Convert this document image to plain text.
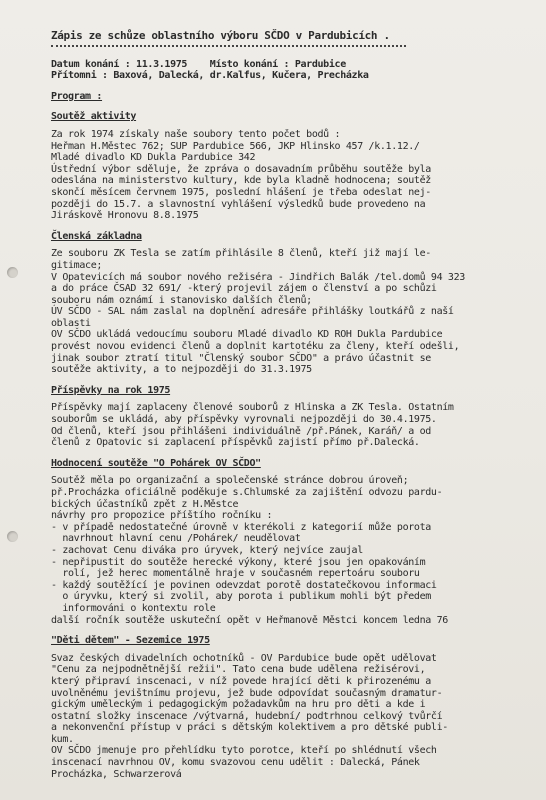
Zápis ze schůze oblastního výboru SČDO v Pardubicích .
Datum konání : 11.3.1975    Místo konání : Pardubice
Přítomni : Baxová, Dalecká, dr.Kalfus, Kučera, Precházka
Program :
Soutěž aktivity
Za rok 1974 získaly naše soubory tento počet bodů :
Heřman H.Městec 762; SUP Pardubice 566, JKP Hlinsko 457 /k.1.12./
Mladé divadlo KD Dukla Pardubice 342
Ústřední výbor sděluje, že zpráva o dosavadním průběhu soutěže byla
odeslána na ministerstvo kultury, kde byla kladně hodnocena; soutěž
skončí měsícem červnem 1975, poslední hlášení je třeba odeslat nej-
později do 15.7. a slavnostní vyhlášení výsledků bude provedeno na
Jiráskově Hronovu 8.8.1975
Členská základna
Ze souboru ZK Tesla se zatím přihlásile 8 členů, kteří již mají le-
gitimace;
V Opatevicích má soubor nového režiséra - Jindřich Balák /tel.domů 94 323
a do práce ČSAD 32 691/ -který projevil zájem o členství a po schůzi
souboru nám oznámí i stanovisko dalších členů;
ÚV SČDO - SAL nám zaslal na doplnění adresáře přihlášky loutkářů z naší
oblasti
OV SČDO ukládá vedoucímu souboru Mladé divadlo KD ROH Dukla Pardubice
provést novou evidenci členů a doplnit kartotéku za členy, kteří odešli,
jinak soubor ztratí titul "Členský soubor SČDO" a právo účastnit se
soutěže aktivity, a to nejpozději do 31.3.1975
Příspěvky na rok 1975
Příspěvky mají zaplaceny členové souborů z Hlinska a ZK Tesla. Ostatním
souborům se ukládá, aby příspěvky vyrovnali nejpozději do 30.4.1975.
Od členů, kteří jsou přihlášeni individuálně /př.Pánek, Karáň/ a od
členů z Opatovic si zaplacení příspěvků zajistí přímo př.Dalecká.
Hodnocení soutěže "O Pohárek OV SČDO"
Soutěž měla po organizační a společenské stránce dobrou úroveň;
př.Procházka oficiálně poděkuje s.Chlumské za zajištění odvozu pardu-
bických účastníků zpět z H.Městce
návrhy pro propozice příštího ročníku :
- v případě nedostatečné úrovně v kterékoli z kategorií může porota
navrhnout hlavní cenu /Pohárek/ neudělovat
- zachovat Cenu diváka pro úryvek, který nejvíce zaujal
- nepřipustit do soutěže herecké výkony, které jsou jen opakováním
rolí, jež herec momentálně hraje v současném repertoáru souboru
- každý soutěžící je povinen odevzdat porotě dostatečkovou informaci
o úryvku, který si zvolil, aby porota i publikum mohli být předem
informováni o kontextu role
další ročník soutěže uskuteční opět v Heřmanově Městci koncem ledna 76
"Děti dětem" - Sezemice 1975
Svaz českých divadelních ochotníků - OV Pardubice bude opět udělovat
"Cenu za nejpodnětnější režii". Tato cena bude udělena režisérovi,
který připraví inscenaci, v níž povede hrající děti k přirozenému a
uvolněnému jevištnímu projevu, jež bude odpovídat současným dramatur-
gickým uměleckým i pedagogickým požadavkům na hru pro děti a kde i
ostatní složky inscenace /výtvarná, hudební/ podtrhnou celkový tvůrčí
a nekonvenční přístup v práci s dětským kolektivem a pro dětské publi-
kum.
OV SČDO jmenuje pro přehlídku tyto porotce, kteří po shlédnutí všech
inscenací navrhnou OV, komu svazovou cenu udělit : Dalecká, Pánek
Procházka, Schwarzerová
